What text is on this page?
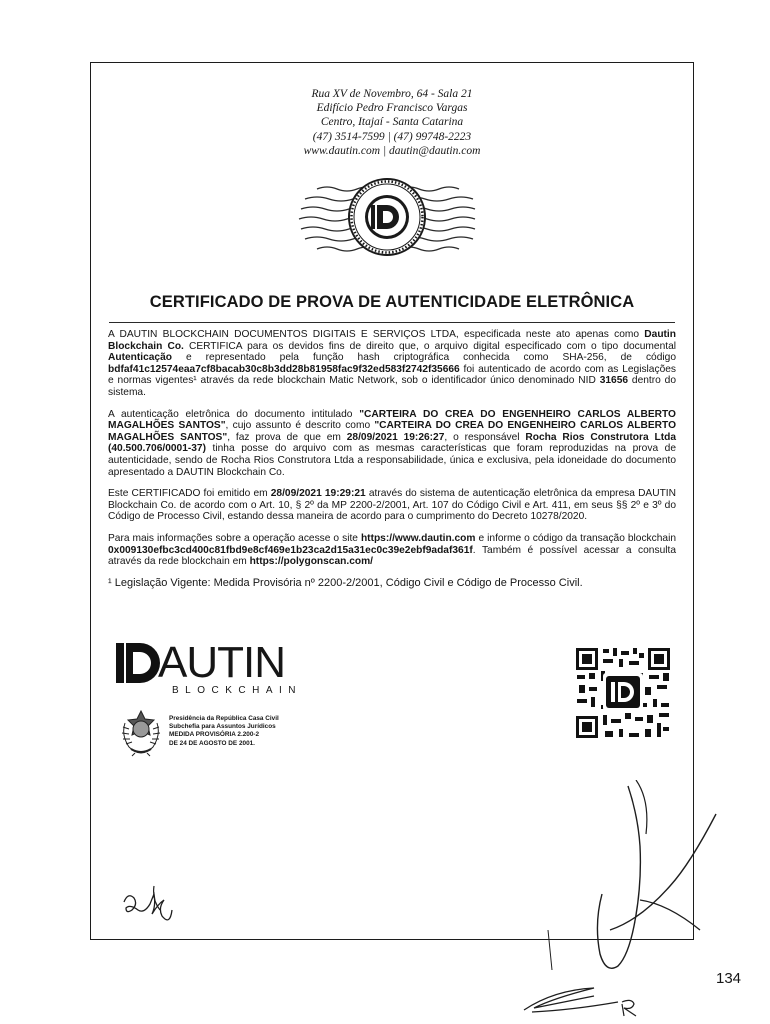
Rua XV de Novembro, 64 - Sala 21
Edifício Pedro Francisco Vargas
Centro, Itajaí - Santa Catarina
(47) 3514-7599 | (47) 99748-2223
www.dautin.com | dautin@dautin.com
CERTIFICADO DE PROVA DE AUTENTICIDADE ELETRÔNICA

A DAUTIN BLOCKCHAIN DOCUMENTOS DIGITAIS E SERVIÇOS LTDA, especificada neste ato apenas como Dautin Blockchain Co. CERTIFICA para os devidos fins de direito que, o arquivo digital especificado com o tipo documental Autenticação e representado pela função hash criptográfica conhecida como SHA-256, de código bdfaf41c12574eaa7cf8bacab30c8b3dd28b81958fac9f32ed583f2742f35666 foi autenticado de acordo com as Legislações e normas vigentes¹ através da rede blockchain Matic Network, sob o identificador único denominado NID 31656 dentro do sistema.

A autenticação eletrônica do documento intitulado "CARTEIRA DO CREA DO ENGENHEIRO CARLOS ALBERTO MAGALHÕES SANTOS", cujo assunto é descrito como "CARTEIRA DO CREA DO ENGENHEIRO CARLOS ALBERTO MAGALHÕES SANTOS", faz prova de que em 28/09/2021 19:26:27, o responsável Rocha Rios Construtora Ltda (40.500.706/0001-37) tinha posse do arquivo com as mesmas características que foram reproduzidas na prova de autenticidade, sendo de Rocha Rios Construtora Ltda a responsabilidade, única e exclusiva, pela idoneidade do documento apresentado a DAUTIN Blockchain Co.

Este CERTIFICADO foi emitido em 28/09/2021 19:29:21 através do sistema de autenticação eletrônica da empresa DAUTIN Blockchain Co. de acordo com o Art. 10, § 2º da MP 2200-2/2001, Art. 107 do Código Civil e Art. 411, em seus §§ 2º e 3º do Código de Processo Civil, estando dessa maneira de acordo para o cumprimento do Decreto 10278/2020.

Para mais informações sobre a operação acesse o site https://www.dautin.com e informe o código da transação blockchain 0x009130efbc3cd400c81fbd9e8cf469e1b23ca2d15a31ec0c39e2ebf9adaf361f. Também é possível acessar a consulta através da rede blockchain em https://polygonscan.com/

¹ Legislação Vigente: Medida Provisória nº 2200-2/2001, Código Civil e Código de Processo Civil.

AUTIN
BLOCKCHAIN
Presidência da República Casa Civil
Subchefia para Assuntos Jurídicos
MEDIDA PROVISÓRIA 2.200-2
DE 24 DE AGOSTO DE 2001.
134
